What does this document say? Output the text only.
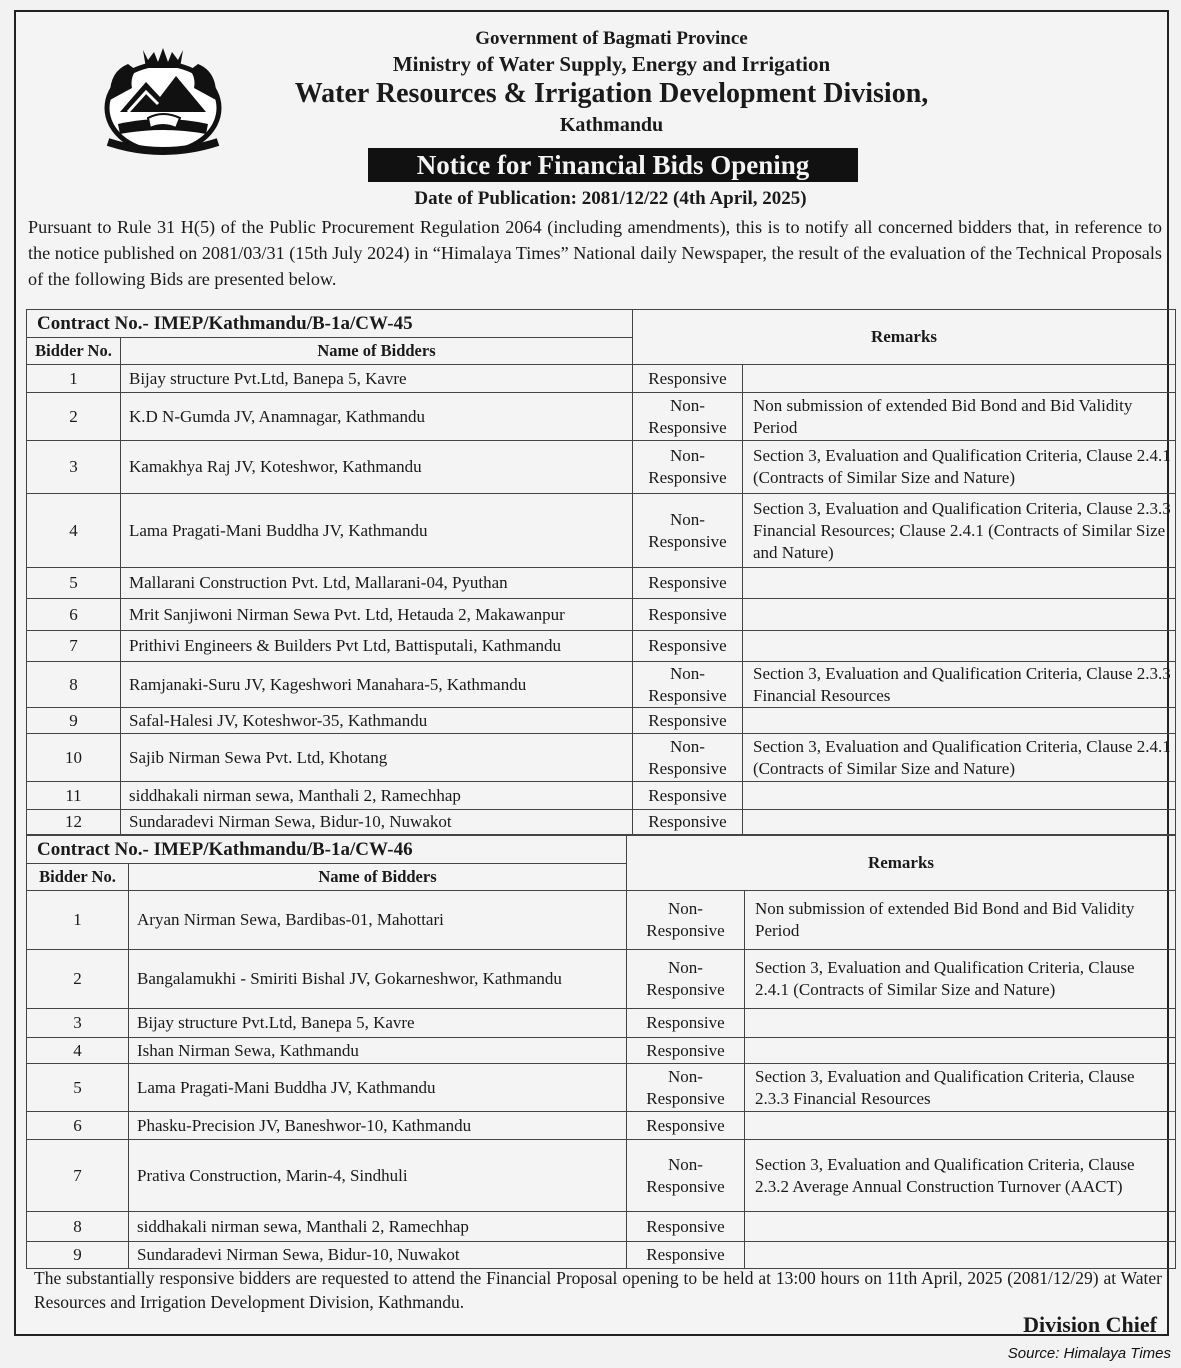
Government of Bagmati Province
Ministry of Water Supply, Energy and Irrigation
Water Resources & Irrigation Development Division,
Kathmandu
Notice for Financial Bids Opening
Date of Publication: 2081/12/22 (4th April, 2025)
Pursuant to Rule 31 H(5) of the Public Procurement Regulation 2064 (including amendments), this is to notify all concerned bidders that, in reference to the notice published on 2081/03/31 (15th July 2024) in “Himalaya Times” National daily Newspaper, the result of the evaluation of the Technical Proposals of the following Bids are presented below.
Contract No.- IMEP/Kathmandu/B-1a/CW-45		Remarks	
Bidder No.	Name of Bidders		
1	Bijay structure Pvt.Ltd, Banepa 5, Kavre	Responsive	
2	K.D N-Gumda JV, Anamnagar, Kathmandu	Non-Responsive	Non submission of extended Bid Bond and Bid Validity Period
3	Kamakhya Raj JV, Koteshwor, Kathmandu	Non-Responsive	Section 3, Evaluation and Qualification Criteria, Clause 2.4.1 (Contracts of Similar Size and Nature)
4	Lama Pragati-Mani Buddha JV, Kathmandu	Non-Responsive	Section 3, Evaluation and Qualification Criteria, Clause 2.3.3 Financial Resources; Clause 2.4.1 (Contracts of Similar Size and Nature)
5	Mallarani Construction Pvt. Ltd, Mallarani-04, Pyuthan	Responsive	
6	Mrit Sanjiwoni Nirman Sewa Pvt. Ltd, Hetauda 2, Makawanpur	Responsive	
7	Prithivi Engineers & Builders Pvt Ltd, Battisputali, Kathmandu	Responsive	
8	Ramjanaki-Suru JV, Kageshwori Manahara-5, Kathmandu	Non-Responsive	Section 3, Evaluation and Qualification Criteria, Clause 2.3.3 Financial Resources
9	Safal-Halesi JV, Koteshwor-35, Kathmandu	Responsive	
10	Sajib Nirman Sewa Pvt. Ltd, Khotang	Non-Responsive	Section 3, Evaluation and Qualification Criteria, Clause 2.4.1 (Contracts of Similar Size and Nature)
11	siddhakali nirman sewa, Manthali 2, Ramechhap	Responsive	
12	Sundaradevi Nirman Sewa, Bidur-10, Nuwakot	Responsive	
Contract No.- IMEP/Kathmandu/B-1a/CW-46		Remarks	
Bidder No.	Name of Bidders		
1	Aryan Nirman Sewa, Bardibas-01, Mahottari	Non-Responsive	Non submission of extended Bid Bond and Bid Validity Period
2	Bangalamukhi - Smiriti Bishal JV, Gokarneshwor, Kathmandu	Non-Responsive	Section 3, Evaluation and Qualification Criteria, Clause 2.4.1 (Contracts of Similar Size and Nature)
3	Bijay structure Pvt.Ltd, Banepa 5, Kavre	Responsive	
4	Ishan Nirman Sewa, Kathmandu	Responsive	
5	Lama Pragati-Mani Buddha JV, Kathmandu	Non-Responsive	Section 3, Evaluation and Qualification Criteria, Clause 2.3.3 Financial Resources
6	Phasku-Precision JV, Baneshwor-10, Kathmandu	Responsive	
7	Prativa Construction, Marin-4, Sindhuli	Non-Responsive	Section 3, Evaluation and Qualification Criteria, Clause 2.3.2 Average Annual Construction Turnover (AACT)
8	siddhakali nirman sewa, Manthali 2, Ramechhap	Responsive	
9	Sundaradevi Nirman Sewa, Bidur-10, Nuwakot	Responsive	
The substantially responsive bidders are requested to attend the Financial Proposal opening to be held at 13:00 hours on 11th April, 2025 (2081/12/29) at Water Resources and Irrigation Development Division, Kathmandu.
Division Chief
Source: Himalaya Times
